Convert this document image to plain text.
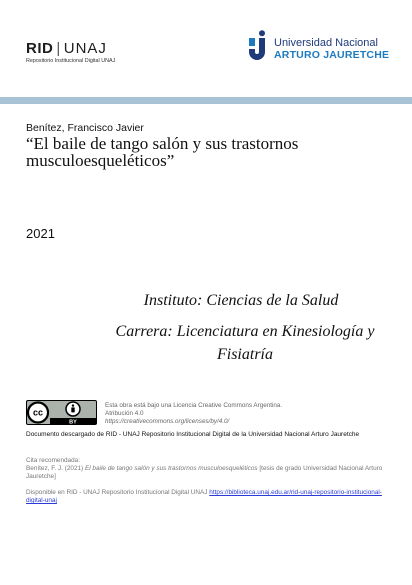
RID | UNAJ
Repositorio Institucional Digital UNAJ
Universidad Nacional
ARTURO JAURETCHE
Benítez, Francisco Javier
“El baile de tango salón y sus trastornos musculoesqueléticos”
2021
Instituto: Ciencias de la Salud
Carrera: Licenciatura en Kinesiología y Fisiatría
cc
BY
Esta obra está bajo una Licencia Creative Commons Argentina.
Atribución 4.0
https://creativecommons.org/licenses/by/4.0/
Documento descargado de RID - UNAJ Repositorio Institucional Digital de la Universidad Nacional Arturo Jauretche
Cita recomendada:
Benítez, F. J. (2021) El baile de tango salón y sus trastornos musculoesqueléticos [tesis de grado Universidad Nacional Arturo Jauretche]
Disponible en RID - UNAJ Repositorio Institucional Digital UNAJ https://biblioteca.unaj.edu.ar/rid-unaj-repositorio-institucional-digital-unaj
